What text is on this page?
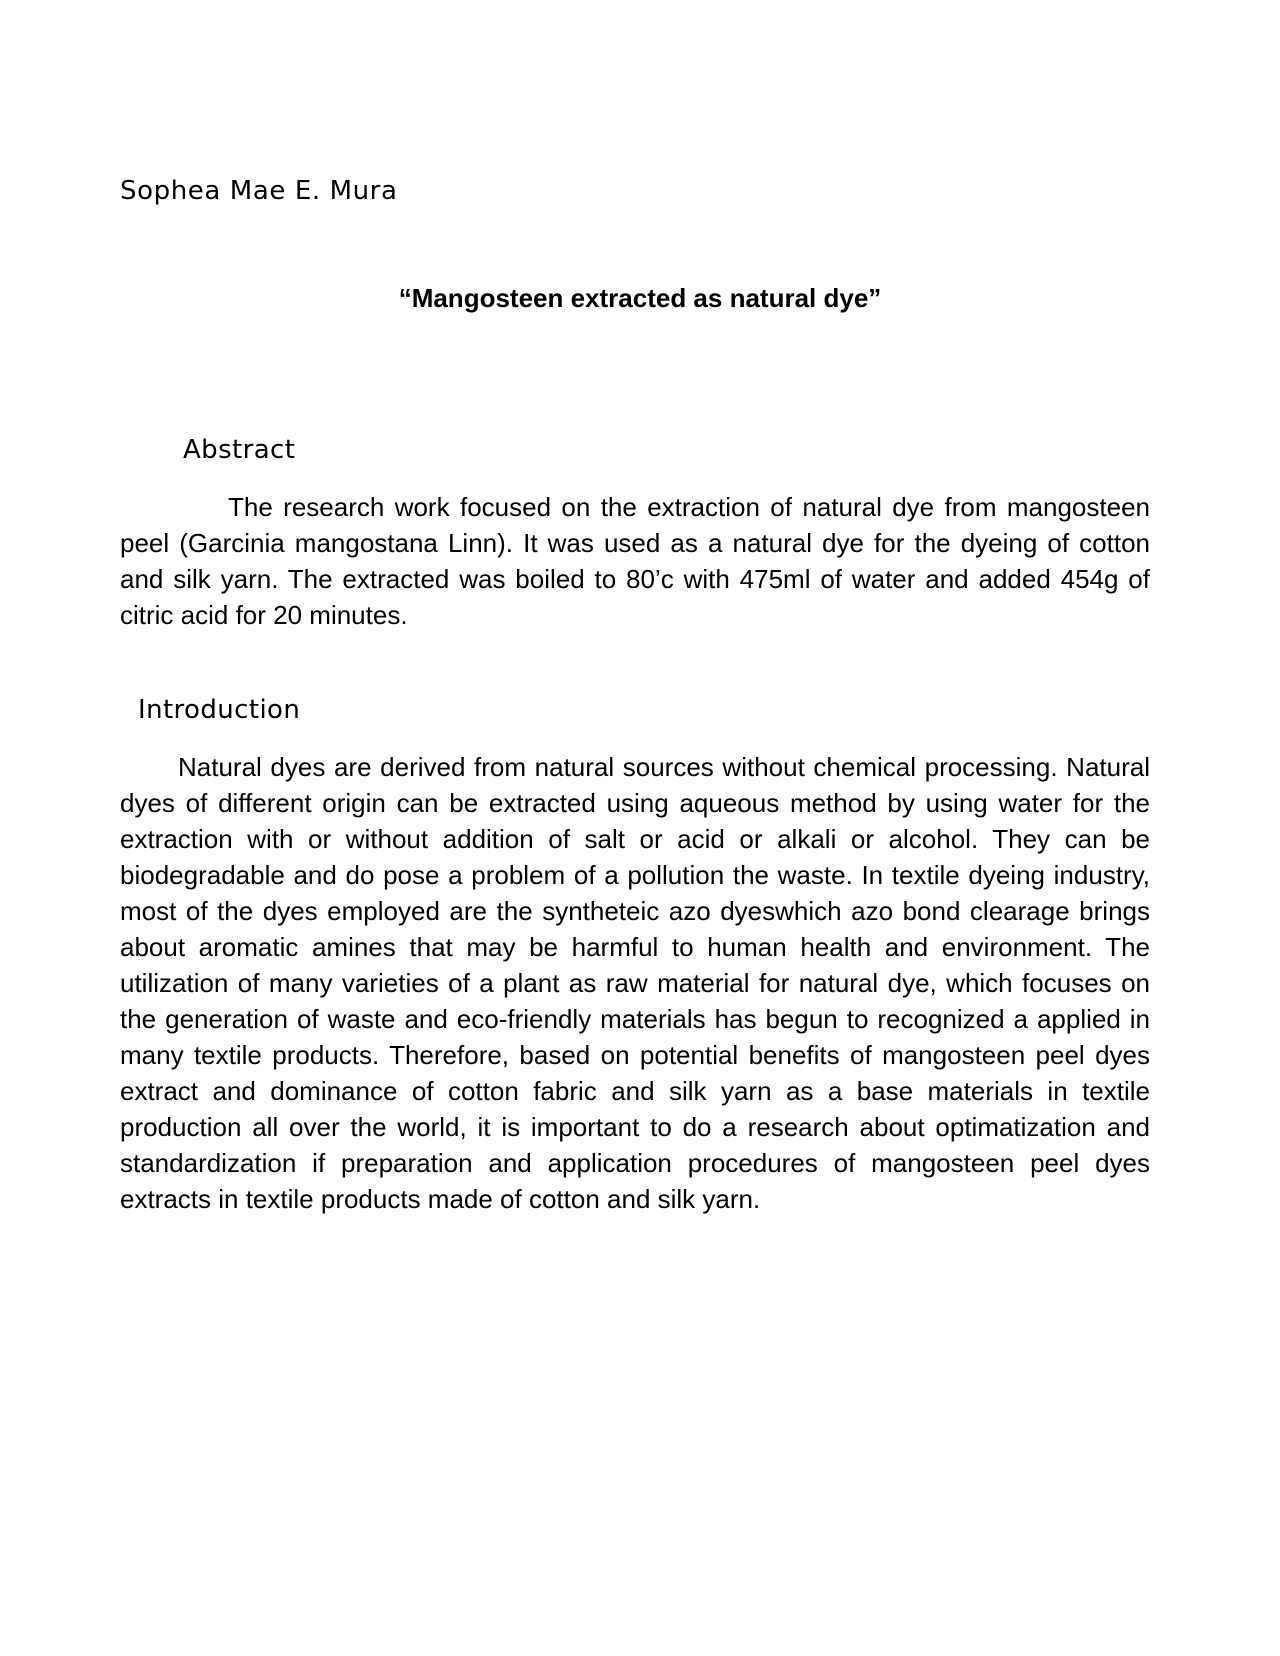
Sophea Mae E. Mura

“Mangosteen extracted as natural dye”
Abstract

The research work focused on the extraction of natural dye from mangosteen peel (Garcinia mangostana Linn). It was used as a natural dye for the dyeing of cotton and silk yarn. The extracted was boiled to 80’c with 475ml of water and added 454g of citric acid for 20 minutes.

Introduction

Natural dyes are derived from natural sources without chemical processing. Natural dyes of different origin can be extracted using aqueous method by using water for the extraction with or without addition of salt or acid or alkali or alcohol. They can be biodegradable and do pose a problem of a pollution the waste. In textile dyeing industry, most of the dyes employed are the syntheteic azo dyeswhich azo bond clearage brings about aromatic amines that may be harmful to human health and environment. The utilization of many varieties of a plant as raw material for natural dye, which focuses on the generation of waste and eco-friendly materials has begun to recognized a applied in many textile products. Therefore, based on potential benefits of mangosteen peel dyes extract and dominance of cotton fabric and silk yarn as a base materials in textile production all over the world, it is important to do a research about optimatization and standardization if preparation and application procedures of mangosteen peel dyes extracts in textile products made of cotton and silk yarn.
